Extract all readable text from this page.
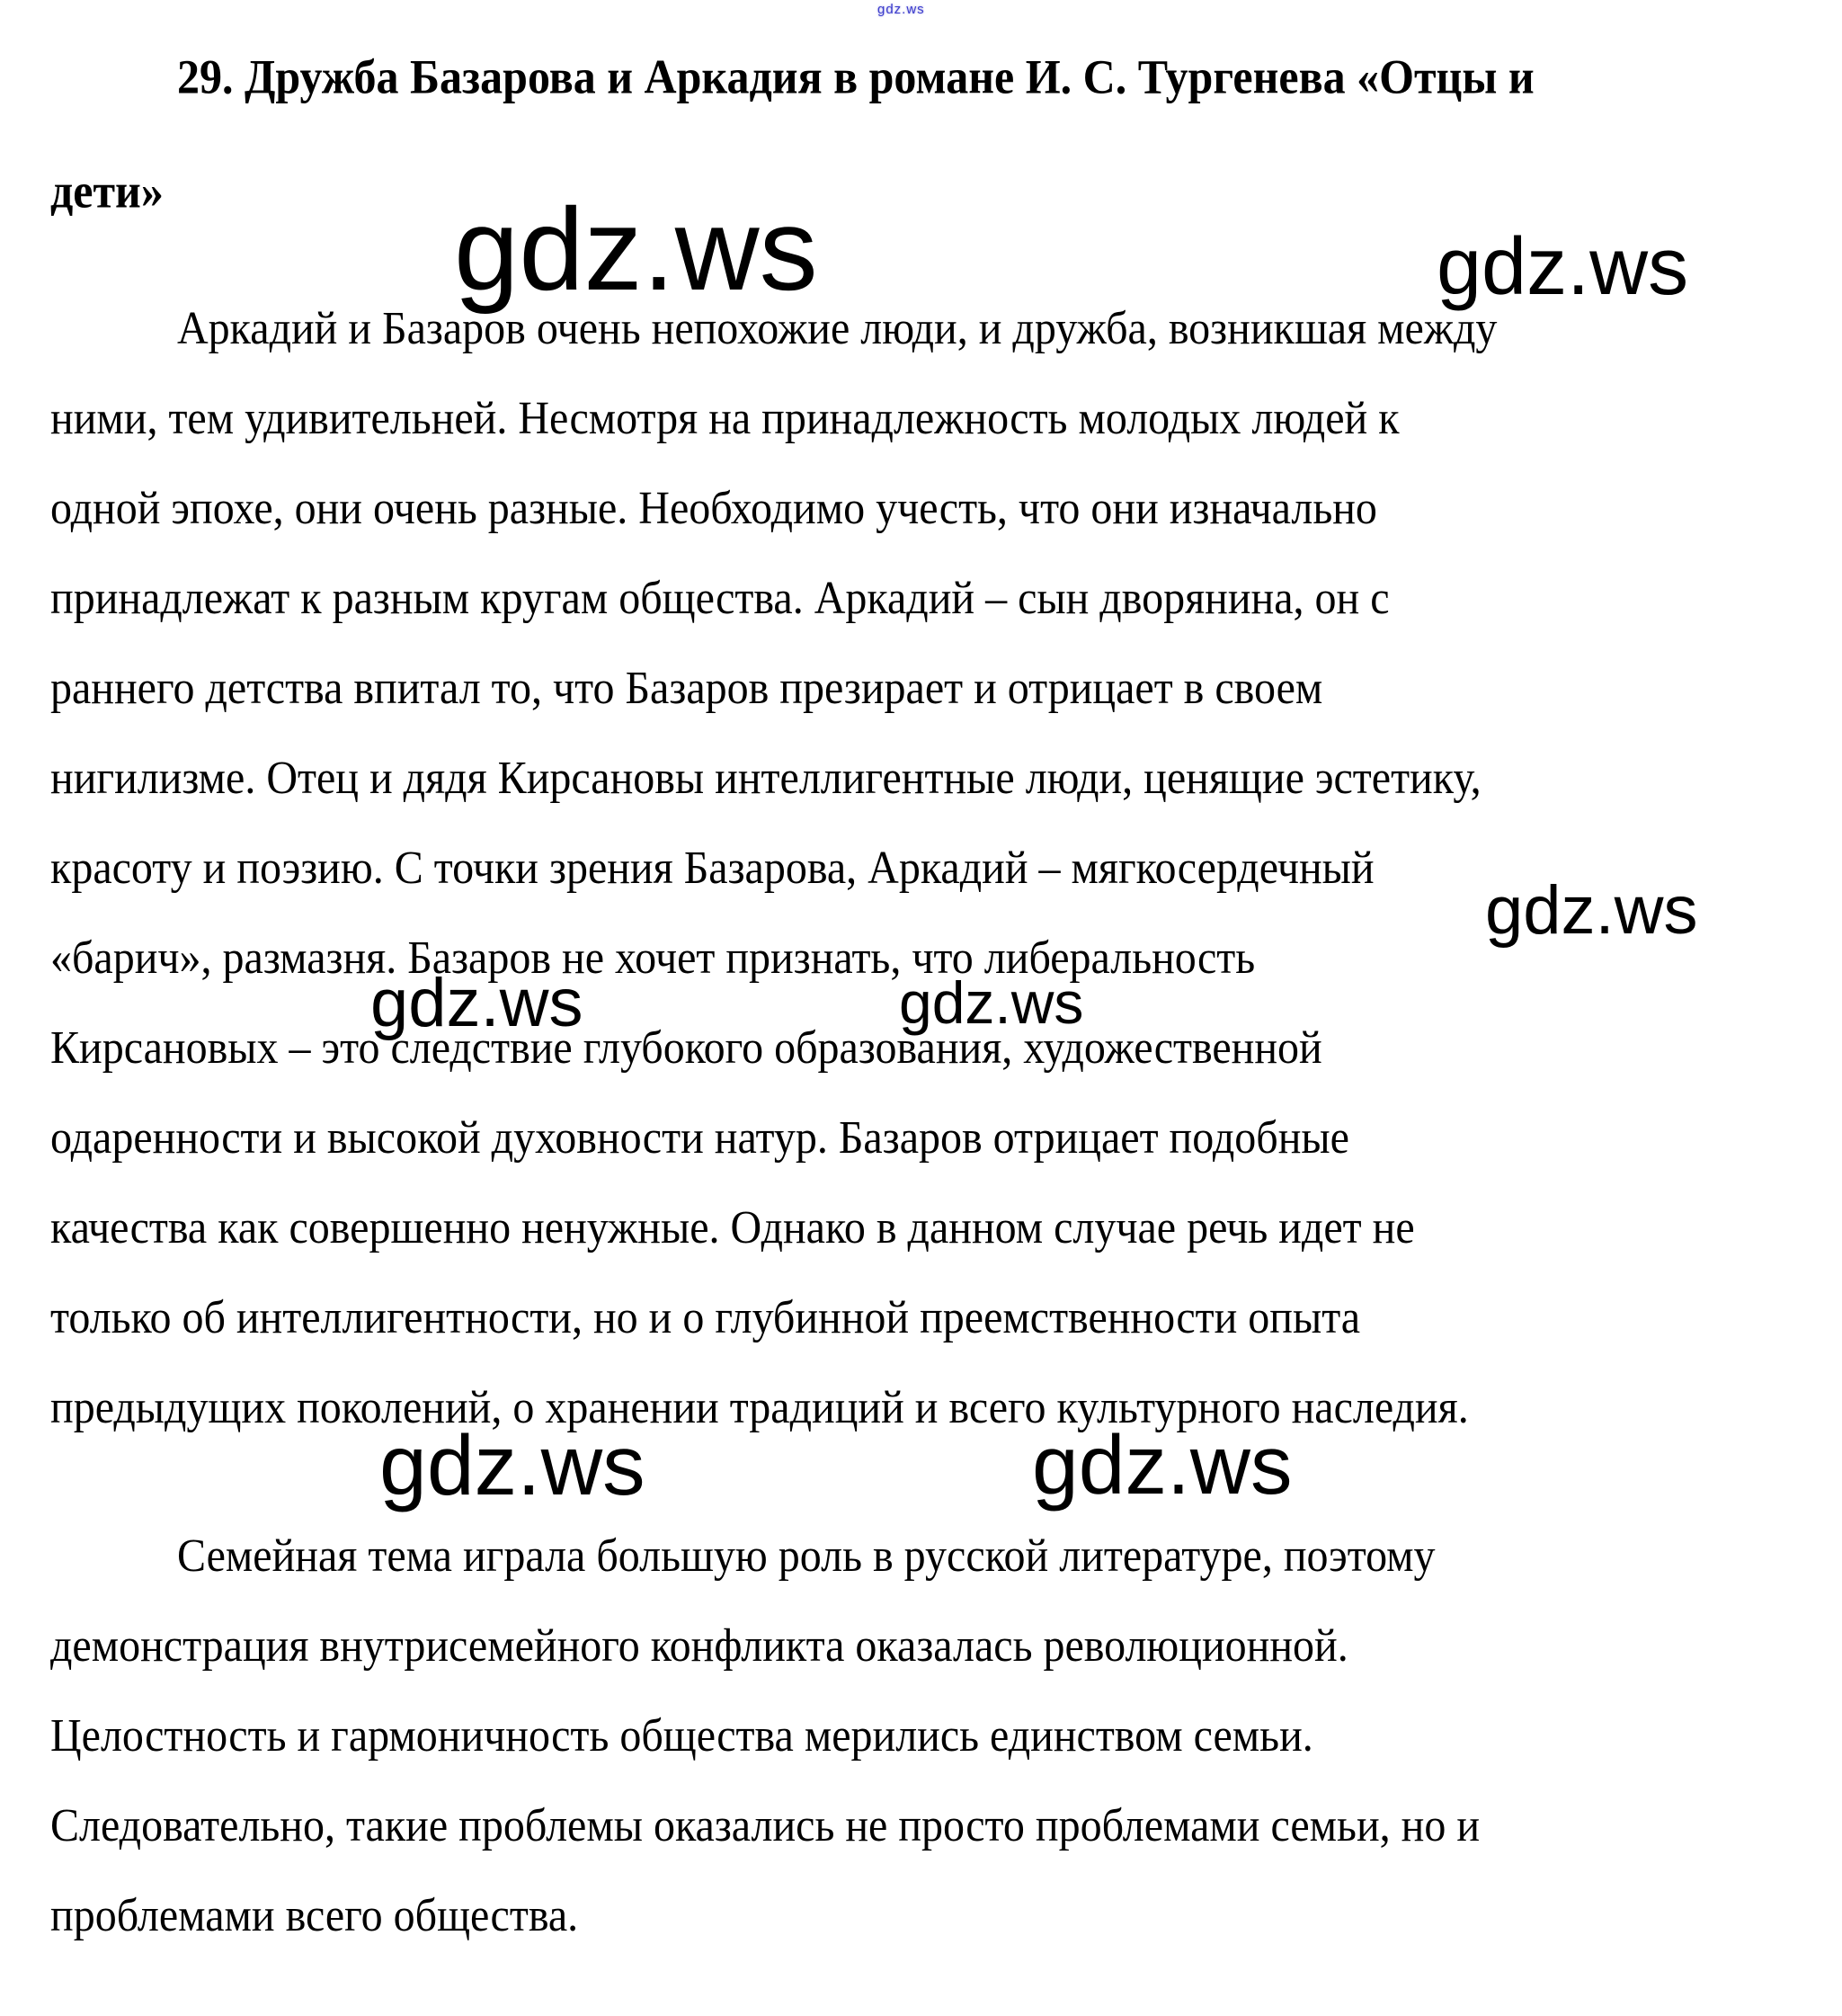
gdz.ws
gdz.ws	gdz.ws
gdz.ws
gdz.ws	gdz.ws
gdz.ws	gdz.ws
29. Дружба Базарова и Аркадия в романе И. С. Тургенева «Отцы и
дети»
Аркадий и Базаров очень непохожие люди, и дружба, возникшая между
ними, тем удивительней. Несмотря на принадлежность молодых людей к
одной эпохе, они очень разные. Необходимо учесть, что они изначально
принадлежат к разным кругам общества. Аркадий – сын дворянина, он с
раннего детства впитал то, что Базаров презирает и отрицает в своем
нигилизме. Отец и дядя Кирсановы интеллигентные люди, ценящие эстетику,
красоту и поэзию. С точки зрения Базарова, Аркадий – мягкосердечный
«барич», размазня. Базаров не хочет признать, что либеральность
Кирсановых – это следствие глубокого образования, художественной
одаренности и высокой духовности натур. Базаров отрицает подобные
качества как совершенно ненужные. Однако в данном случае речь идет не
только об интеллигентности, но и о глубинной преемственности опыта
предыдущих поколений, о хранении традиций и всего культурного наследия.
Семейная тема играла большую роль в русской литературе, поэтому
демонстрация внутрисемейного конфликта оказалась революционной.
Целостность и гармоничность общества мерились единством семьи.
Следовательно, такие проблемы оказались не просто проблемами семьи, но и
проблемами всего общества.
